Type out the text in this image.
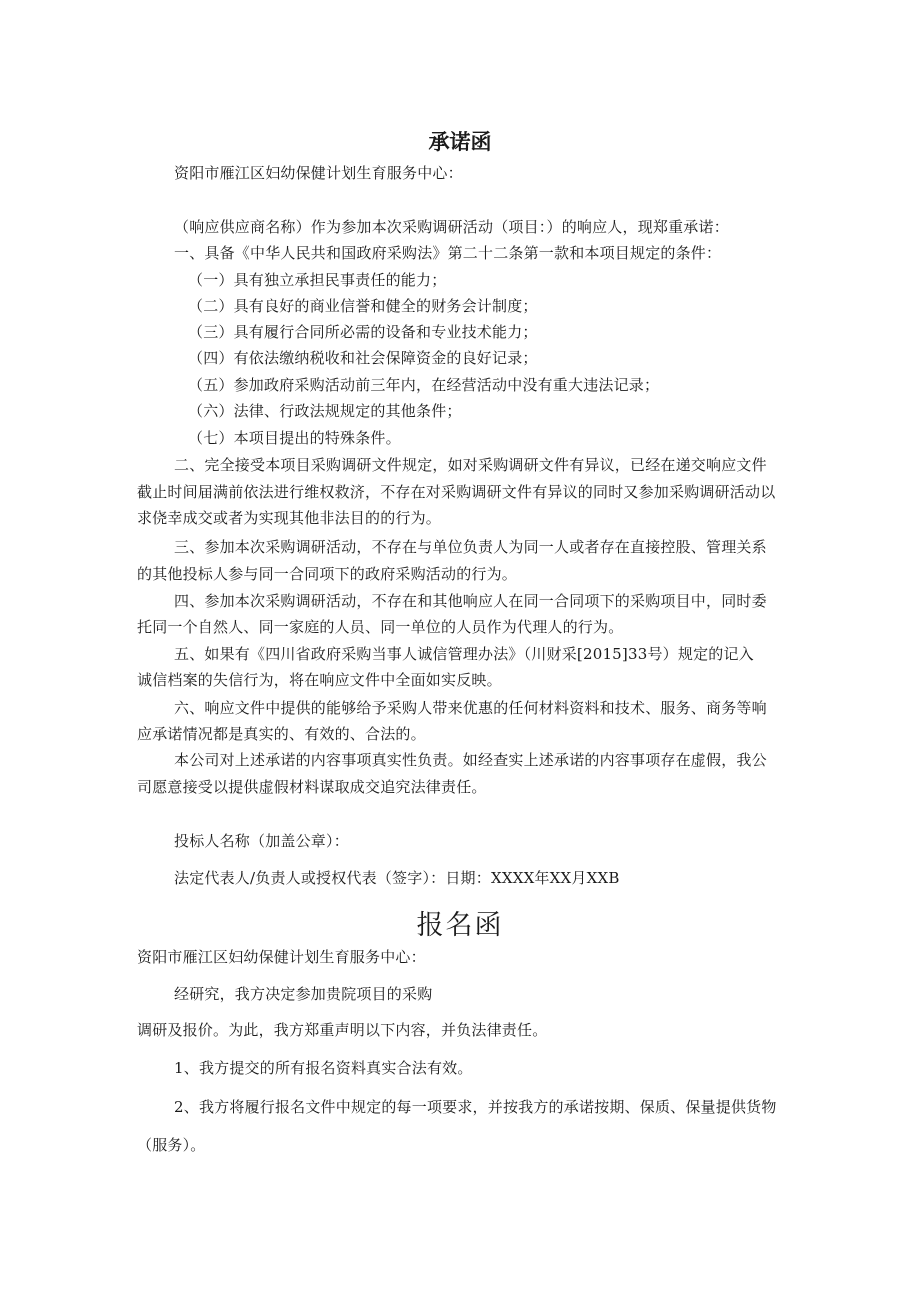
承诺函
资阳市雁江区妇幼保健计划生育服务中心：
（响应供应商名称）作为参加本次采购调研活动（项目：）的响应人，现郑重承诺：
一、具备《中华人民共和国政府采购法》第二十二条第一款和本项目规定的条件：
（一）具有独立承担民事责任的能力；
（二）具有良好的商业信誉和健全的财务会计制度；
（三）具有履行合同所必需的设备和专业技术能力；
（四）有依法缴纳税收和社会保障资金的良好记录；
（五）参加政府采购活动前三年内，在经营活动中没有重大违法记录；
（六）法律、行政法规规定的其他条件；
（七）本项目提出的特殊条件。
二、完全接受本项目采购调研文件规定，如对采购调研文件有异议，已经在递交响应文件
截止时间届满前依法进行维权救济，不存在对采购调研文件有异议的同时又参加采购调研活动以
求侥幸成交或者为实现其他非法目的的行为。
三、参加本次采购调研活动，不存在与单位负责人为同一人或者存在直接控股、管理关系
的其他投标人参与同一合同项下的政府采购活动的行为。
四、参加本次采购调研活动，不存在和其他响应人在同一合同项下的采购项目中，同时委
托同一个自然人、同一家庭的人员、同一单位的人员作为代理人的行为。
五、如果有《四川省政府采购当事人诚信管理办法》（川财采[2015]33号）规定的记入
诚信档案的失信行为，将在响应文件中全面如实反映。
六、响应文件中提供的能够给予采购人带来优惠的任何材料资料和技术、服务、商务等响
应承诺情况都是真实的、有效的、合法的。
本公司对上述承诺的内容事项真实性负责。如经查实上述承诺的内容事项存在虚假，我公
司愿意接受以提供虚假材料谋取成交追究法律责任。
投标人名称（加盖公章）：
法定代表人/负责人或授权代表（签字）：日期：XXXX年XX月XXB
报名函
资阳市雁江区妇幼保健计划生育服务中心：
经研究，我方决定参加贵院项目的采购
调研及报价。为此，我方郑重声明以下内容，并负法律责任。
1、我方提交的所有报名资料真实合法有效。
2、我方将履行报名文件中规定的每一项要求，并按我方的承诺按期、保质、保量提供货物
（服务）。
